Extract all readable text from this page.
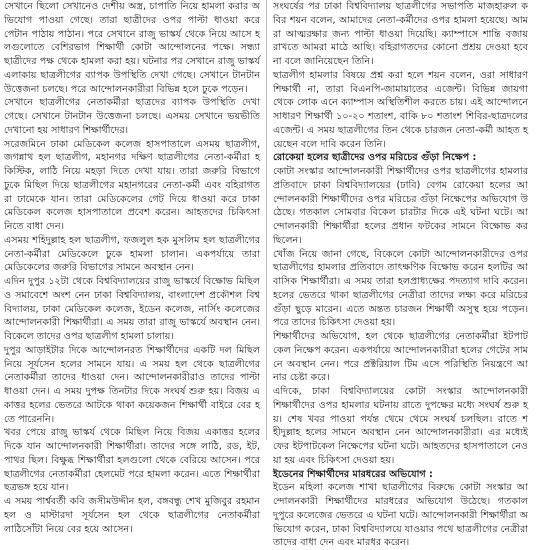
সেখানে ছিলো সেখানেও দেশীয় অস্ত্র, চাপাতি নিয়ে হামলা করার অভিযোগ পাওয়া গেছে। তারা ছাত্রীদের ওপর পাল্টা ধাওয়া করে পেটান পাঠায় পাঠান। পরে সেখানে রাজু ভাস্কর্য থেকে নিয়ে আসে হলগুলোতে বেশিরভাগ শিক্ষার্থী কোটা আন্দোলনের পক্ষে। সন্ধ্যা ছাত্রীদের পক্ষ থেকে হামলা করা হয়। ঘটনার পর সেখানে রাজু ভাস্কর্য এলাকায় ছাত্রলীগের ব্যাপক উপস্থিতি দেখা গেছে। সেখানে টানটান উত্তেজনা চলছে। পরে আন্দোলনকারীরা বিভিন্ন হলে ঢুকে পড়েন।

সেখানে ছাত্রলীগের নেতাকর্মীরা ছাত্রদের ব্যাপক উপস্থিতি দেখা গেছে। সেখানে টানটান উত্তেজনা চলছে। এসময় সেখানে ভয়ভীতি দেখানো হয় সাধারণ শিক্ষার্থীদের।

সরেজমিনে ঢাকা মেডিকেল কলেজ হাসপাতালে এসময় ছাত্রলীগ, জগন্নাথ হল ছাত্রলীগ, মহানগর দক্ষিণ ছাত্রলীগের নেতা-কর্মীরা হকিস্টিক, লাঠি নিয়ে মহড়া দিতে দেখা যায়। তারা জরুরি বিভাগে ঢুকে মিছিল দিয়ে ছাত্রলীগের মহানগরের নেতা-কর্মী এবং বহিরাগতরা ঢামেকে যান। তারা মেডিকেলের গেট দিয়ে ধাওয়া করে ঢাকা মেডিকেল কলেজ হাসপাতালে প্রবেশ করেন। আহতদের চিকিৎসা নিতে বাধা দেন।

এসময় শহিদুল্লাহ হল ছাত্রলীগ, ফজলুল হক মুসলিম হল ছাত্রলীগের নেতা-কর্মীরা মেডিকেলে ঢুকে হামলা চালান। একপর্যায়ে তারা মেডিকেলের জরুরি বিভাগের সামনে অবস্থান নেন।

এদিন দুপুর ১২টা থেকে বিশ্ববিদ্যালয়ের রাজু ভাস্কর্যে বিক্ষোভ মিছিল ও সমাবেশে অংশ নেন ঢাকা বিশ্ববিদ্যালয়, বাংলাদেশ প্রকৌশল বিশ্ববিদ্যালয়, ঢাকা মেডিকেল কলেজ, ইডেন কলেজ, নার্সিং কলেজের আন্দোলনকারী শিক্ষার্থীরা। এ সময় তারা রাজু ভাস্কর্যে অবস্থান নেন। বিকেলে তাদের ওপর ছাত্রলীগ হামলা চালায়।

দুপুর আড়াইটার দিকে আন্দোলনরত শিক্ষার্থীদের একটি দল মিছিল নিয়ে সূর্যসেন হলের সামনে যায়। এ সময় হল থেকে ছাত্রলীগের নেতাকর্মীরা তাদের ধাওয়া দেন। আন্দোলনকারীরাও তাদের পাল্টা ধাওয়া দেন। এ সময় দুপক্ষ তিনটার দিকে সংঘর্ষ শুরু হয়। বিজয় একাত্তর হলের ভেতরে আটকে থাকা কয়েকজন শিক্ষার্থী বাইরে বের হতে পারেননি।

খবর পেয়ে রাজু ভাস্কর্য থেকে মিছিল নিয়ে বিজয় একাত্তর হলের দিকে যান আন্দোলনকারী শিক্ষার্থীরা। তাদের সঙ্গে লাঠি, রড, ইট, পাথর ছিল। বিক্ষুব্ধ শিক্ষার্থীরা হলগুলো থেকে বেরিয়ে আসেন। পরে ছাত্রলীগের নেতাকর্মীরা হেলমেট পরে হামলা করেন। এতে শিক্ষার্থীরা ছত্রভঙ্গ হয়ে যান।

এ সময় পার্শ্ববর্তী কবি জসীমউদ্দীন হল, বঙ্গবন্ধু শেখ মুজিবুর রহমান হল ও মাস্টারদা সূর্যসেন হল থেকে ছাত্রলীগের নেতাকর্মীরা লাঠিসোঁটা নিয়ে বের হয়ে আসেন।

সংঘর্ষের পর ঢাকা বিশ্ববিদ্যালয় ছাত্রলীগের সভাপতি মাজহারুল কবির শয়ন বলেন, আমাদের নেতা-কর্মীদের ওপর হামলা হয়েছে। আমরা আত্মরক্ষার জন্য পাল্টা ধাওয়া দিয়েছি। ক্যাম্পাসে শান্তি বজায় রাখতে আমরা মাঠে আছি। বহিরাগতদের কোনো প্রশ্রয় দেওয়া হবে না বলে জানিয়েছেন তিনি।

ছাত্রলীগ হামলার বিষয়ে প্রশ্ন করা হলে শয়ন বলেন, ওরা সাধারণ শিক্ষার্থী না, তারা বিএনপি-জামায়াতের এজেন্ট। বিভিন্ন জায়গা থেকে লোক এনে ক্যাম্পাস অস্থিতিশীল করতে চায়। এই আন্দোলনে সাধারণ শিক্ষার্থী ১০-২০ শতাংশ, বাকি ৮০ শতাংশ শিবির-ছাত্রদলের এজেন্ট। এ সময় ছাত্রলীগের তিন থেকে চারজন নেতা-কর্মী আহত হয়েছেন বলে দাবি করেন তিনি।

রোকেয়া হলের ছাত্রীদের ওপর মরিচের গুঁড়া নিক্ষেপ :

কোটা সংস্কার আন্দোলনকারী শিক্ষার্থীদের ওপর ছাত্রলীগের হামলার প্রতিবাদে ঢাকা বিশ্ববিদ্যালয়ের (ঢাবি) বেগম রোকেয়া হলের আন্দোলনকারী শিক্ষার্থীদের ওপর মরিচের গুঁড়া নিক্ষেপের অভিযোগ উঠেছে। গতকাল সোমবার বিকেল চারটার দিকে এই ঘটনা ঘটে। আন্দোলনকারী শিক্ষার্থীরা হলের প্রধান ফটকের সামনে বিক্ষোভ করছিলেন।

খোঁজ নিয়ে জানা গেছে, বিকেলে কোটা আন্দোলনকারীদের ওপর ছাত্রলীগের হামলার প্রতিবাদে তাৎক্ষণিক বিক্ষোভ করেন হলটির আবাসিক শিক্ষার্থীরা। এ সময় তারা হলপ্রাধ্যক্ষের পদত্যাগ দাবি করেন। হলের ভেতরে থাকা ছাত্রলীগের নেত্রীরা তাদের লক্ষ্য করে মরিচের গুঁড়া ছুড়ে মারেন। এতে অন্তত চারজন শিক্ষার্থী অসুস্থ হয়ে পড়েন। পরে তাদের চিকিৎসা দেওয়া হয়।

শিক্ষার্থীদের অভিযোগ, হল থেকে ছাত্রলীগের নেতাকর্মীরা ইটপাটকেল নিক্ষেপ করেন। একপর্যায়ে আন্দোলনকারীরা হলের গেটের সামনে অবস্থান নেন। পরে প্রক্টরিয়াল টিম এসে পরিস্থিতি নিয়ন্ত্রণে আনার চেষ্টা করে।

এদিকে, ঢাকা বিশ্ববিদ্যালয়ের কোটা সংস্কার আন্দোলনকারী শিক্ষার্থীদের ওপর হামলার ঘটনায় রাতে দুপক্ষের মধ্যে সংঘর্ষ শুরু হয়। শেষ খবর পাওয়া পর্যন্ত থেমে থেমে সংঘর্ষ চলছিল। রাতে শহীদুল্লাহ হলের সামনে অবস্থান নেন আন্দোলনকারীরা। এর মধ্যেই ফের ইটপাটকেল নিক্ষেপের ঘটনা ঘটে। আহতদের হাসপাতালে নেওয়া হয় এবং চিকিৎসা দেওয়া হয়।

ইডেনের শিক্ষার্থীদের মারধরের অভিযোগ :

ইডেন মহিলা কলেজ শাখা ছাত্রলীগের বিরুদ্ধে কোটা সংস্কার আন্দোলনকারী শিক্ষার্থীদের মারধরের অভিযোগ উঠেছে। গতকাল দুপুরে কলেজের ভেতরে এ ঘটনা ঘটে। আন্দোলনকারী শিক্ষার্থীরা অভিযোগ করেন, ঢাকা বিশ্ববিদ্যালয়ে যাওয়ার পথে ছাত্রলীগের নেত্রীরা তাদের বাধা দেন এবং মারধর করেন।
